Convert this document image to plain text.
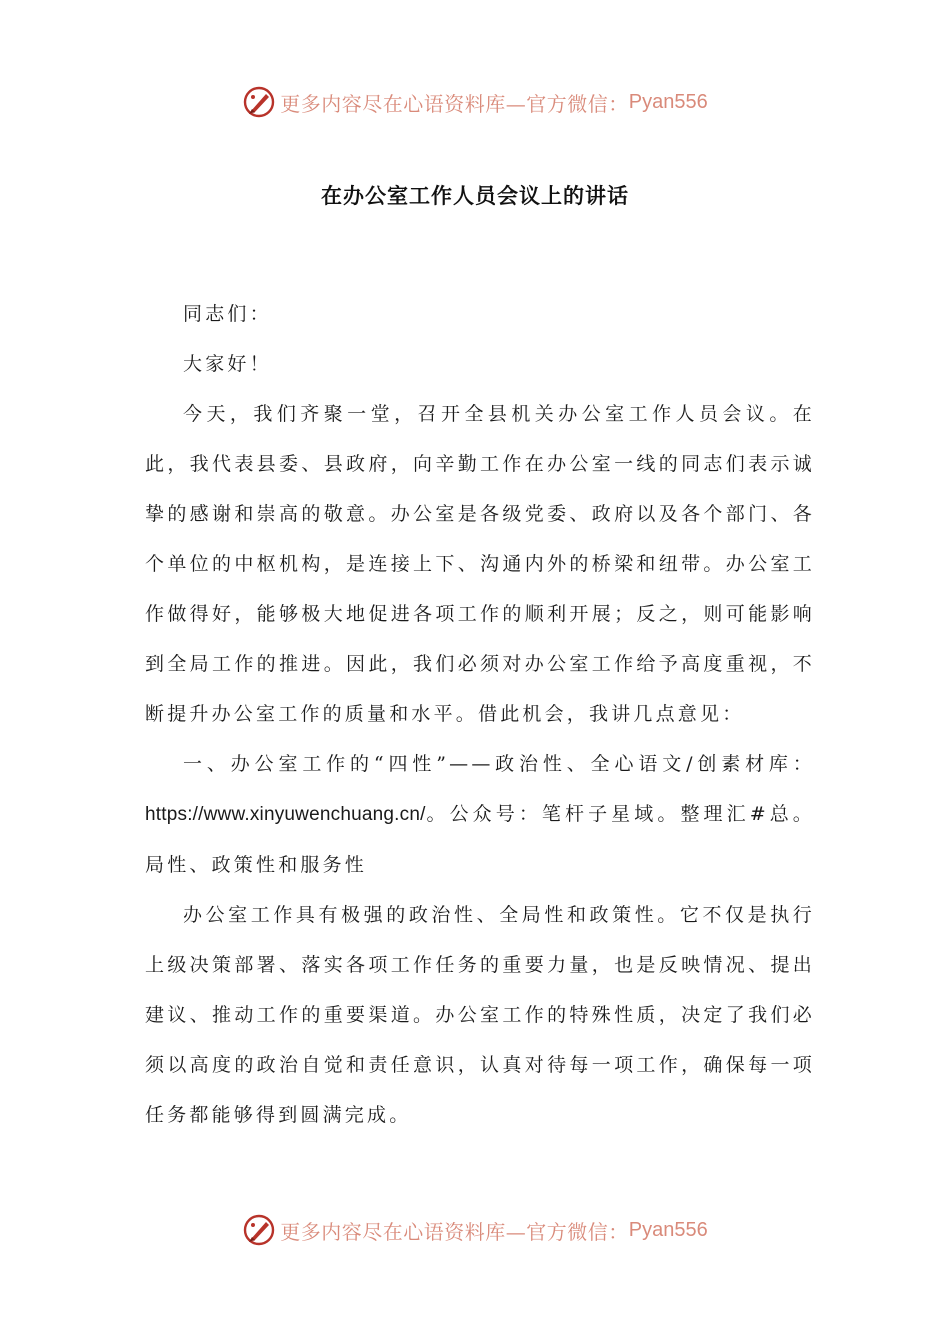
更多内容尽在心语资料库—官方微信： Pyan556
在办公室工作人员会议上的讲话

同志们：

大家好！

今天，我们齐聚一堂，召开全县机关办公室工作人员会议。在此，我代表县委、县政府，向辛勤工作在办公室一线的同志们表示诚挚的感谢和崇高的敬意。办公室是各级党委、政府以及各个部门、各个单位的中枢机构，是连接上下、沟通内外的桥梁和纽带。办公室工作做得好，能够极大地促进各项工作的顺利开展；反之，则可能影响到全局工作的推进。因此，我们必须对办公室工作给予高度重视，不断提升办公室工作的质量和水平。借此机会，我讲几点意见：

一、办公室工作的“四性”——政治性、全心语文/创素材库：https://www.xinyuwenchuang.cn/。公众号：笔杆子星域。整理汇#总。局性、政策性和服务性

办公室工作具有极强的政治性、全局性和政策性。它不仅是执行上级决策部署、落实各项工作任务的重要力量，也是反映情况、提出建议、推动工作的重要渠道。办公室工作的特殊性质，决定了我们必须以高度的政治自觉和责任意识，认真对待每一项工作，确保每一项任务都能够得到圆满完成。

更多内容尽在心语资料库—官方微信： Pyan556
